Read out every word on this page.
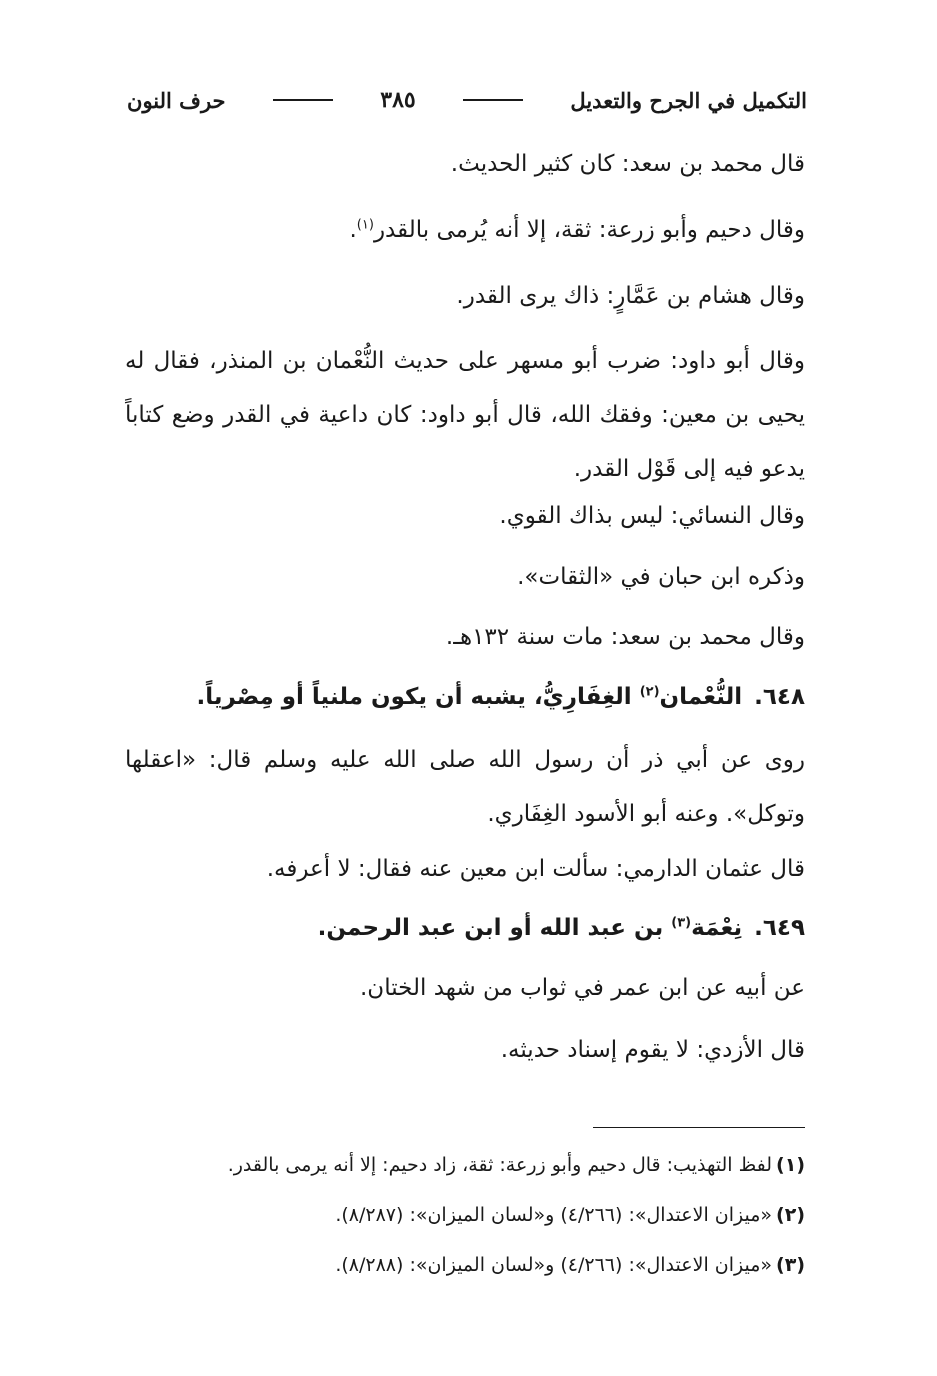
التكميل في الجرح والتعديل
٣٨٥
حرف النون
قال محمد بن سعد: كان كثير الحديث.
وقال دحيم وأبو زرعة: ثقة، إلا أنه يُرمى بالقدر$^{(١)}$.
وقال هشام بن عَمَّارٍ: ذاك يرى القدر.
وقال أبو داود: ضرب أبو مسهر على حديث النُّعْمان بن المنذر، فقال له يحيى بن معين: وفقك الله، قال أبو داود: كان داعية في القدر وضع كتاباً يدعو فيه إلى قَوْل القدر.
وقال النسائي: ليس بذاك القوي.
وذكره ابن حبان في «الثقات».
وقال محمد بن سعد: مات سنة ١٣٢هـ.
٦٤٨.النُّعْمان$^{(٢)}$ الغِفَارِيُّ، يشبه أن يكون ملنياً أو مِصْرياً.
روى عن أبي ذر أن رسول الله صلى الله عليه وسلم قال: «اعقلها وتوكل». وعنه أبو الأسود الغِفَاري.
قال عثمان الدارمي: سألت ابن معين عنه فقال: لا أعرفه.
٦٤٩.نِعْمَة$^{(٣)}$ بن عبد الله أو ابن عبد الرحمن.
عن أبيه عن ابن عمر في ثواب من شهد الختان.
قال الأزدي: لا يقوم إسناد حديثه.
(١)لفظ التهذيب: قال دحيم وأبو زرعة: ثقة، زاد دحيم: إلا أنه يرمى بالقدر.
(٢)«ميزان الاعتدال»: (٤/٢٦٦) و«لسان الميزان»: (٨/٢٨٧).
(٣)«ميزان الاعتدال»: (٤/٢٦٦) و«لسان الميزان»: (٨/٢٨٨).
